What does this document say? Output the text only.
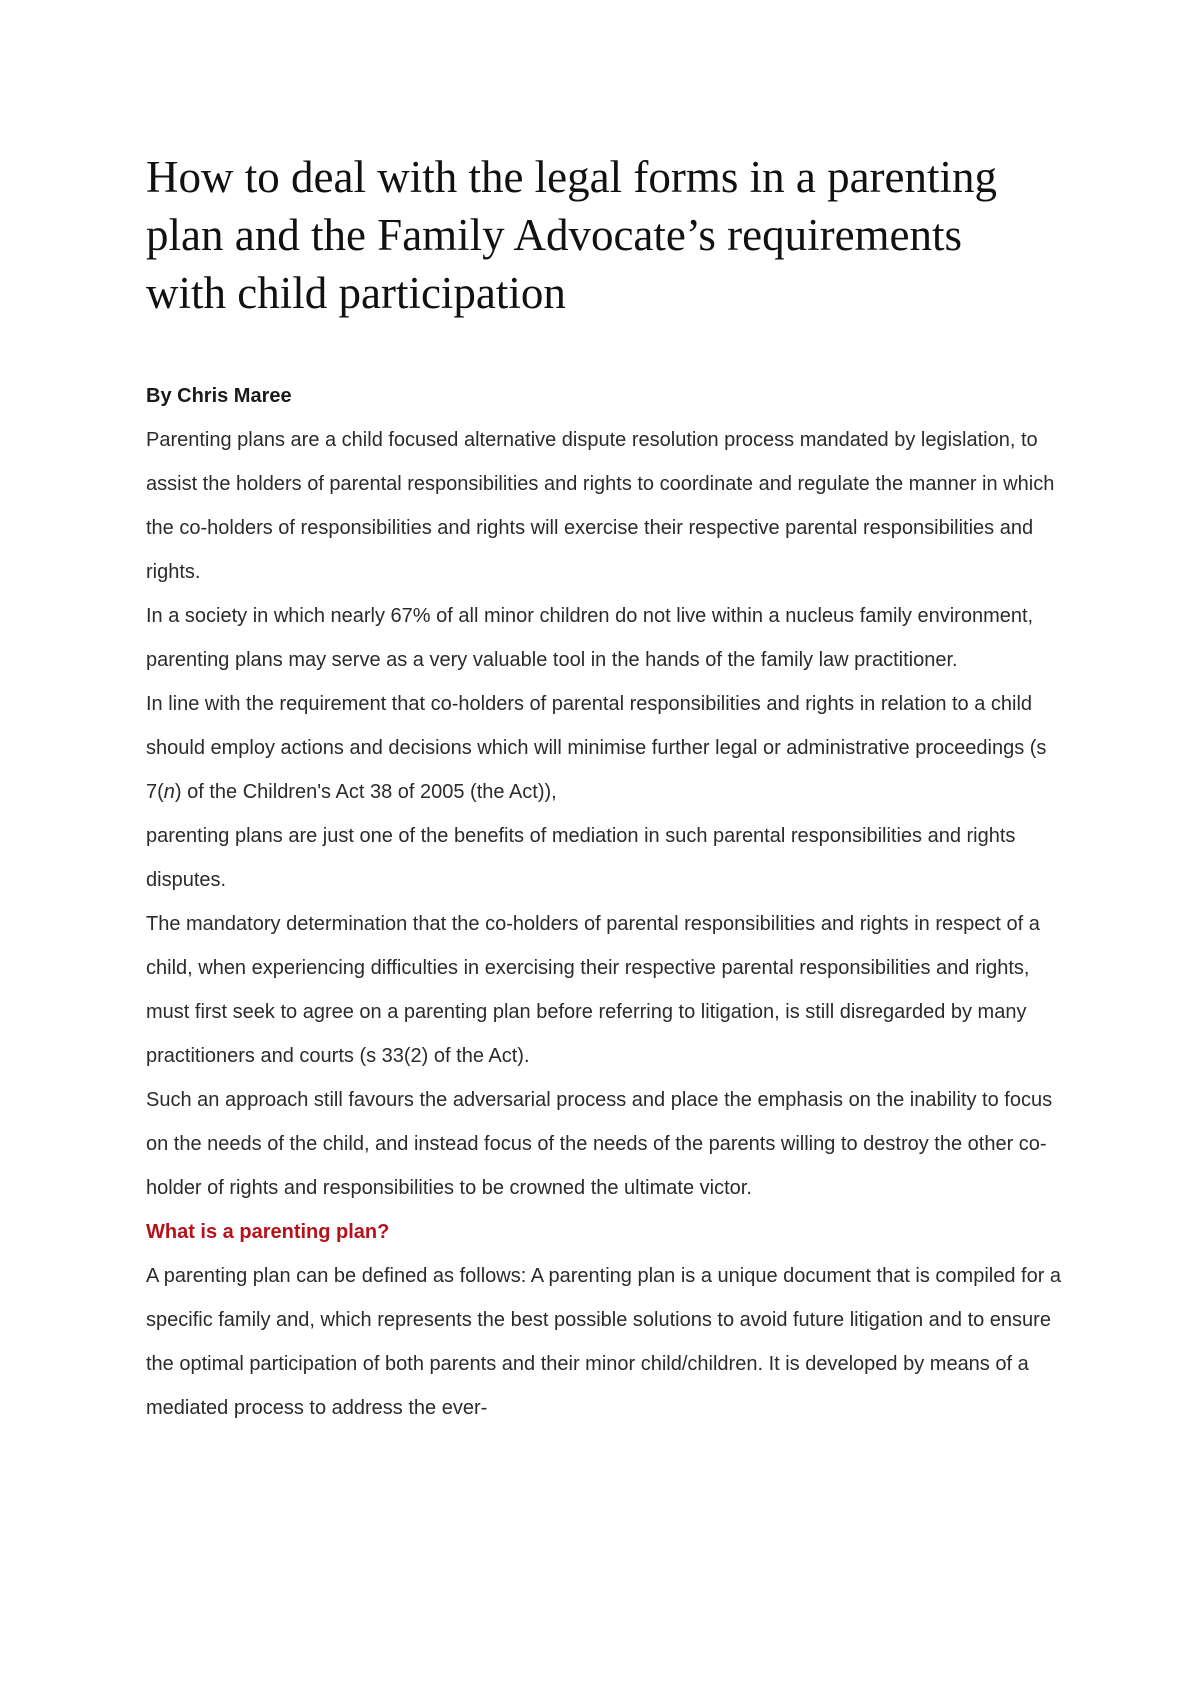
How to deal with the legal forms in a parenting plan and the Family Advocate’s requirements with child participation

By Chris Maree

Parenting plans are a child focused alternative dispute resolution process mandated by legislation, to assist the holders of parental responsibilities and rights to coordinate and regulate the manner in which the co-holders of responsibilities and rights will exercise their respective parental responsibilities and rights.

In a society in which nearly 67% of all minor children do not live within a nucleus family environment, parenting plans may serve as a very valuable tool in the hands of the family law practitioner.

In line with the requirement that co-holders of parental responsibilities and rights in relation to a child should employ actions and decisions which will minimise further legal or administrative proceedings (s 7(n) of the Children's Act 38 of 2005 (the Act)),
parenting plans are just one of the benefits of mediation in such parental responsibilities and rights disputes.

The mandatory determination that the co-holders of parental responsibilities and rights in respect of a child, when experiencing difficulties in exercising their respective parental responsibilities and rights, must first seek to agree on a parenting plan before referring to litigation, is still disregarded by many practitioners and courts (s 33(2) of the Act).

Such an approach still favours the adversarial process and place the emphasis on the inability to focus on the needs of the child, and instead focus of the needs of the parents willing to destroy the other co-holder of rights and responsibilities to be crowned the ultimate victor.

What is a parenting plan?

A parenting plan can be defined as follows: A parenting plan is a unique document that is compiled for a specific family and, which represents the best possible solutions to avoid future litigation and to ensure the optimal participation of both parents and their minor child/children. It is developed by means of a mediated process to address the ever-
